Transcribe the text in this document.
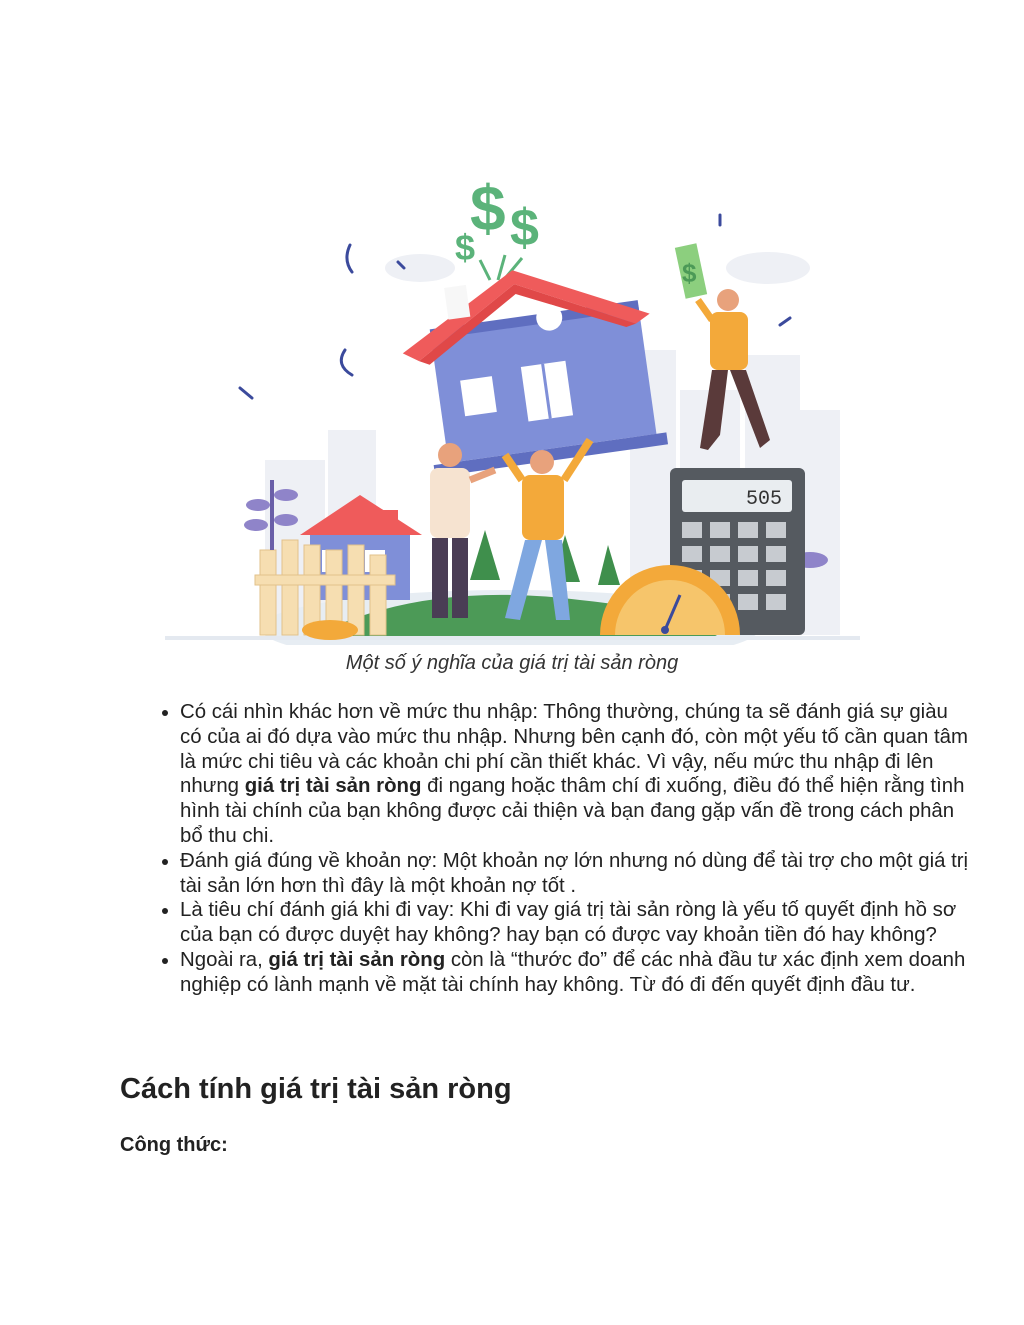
$ $
$
$
505
Một số ý nghĩa của giá trị tài sản ròng
• Có cái nhìn khác hơn về mức thu nhập: Thông thường, chúng ta sẽ đánh giá sự giàu có của ai đó dựa vào mức thu nhập. Nhưng bên cạnh đó, còn một yếu tố cần quan tâm là mức chi tiêu và các khoản chi phí cần thiết khác. Vì vậy, nếu mức thu nhập đi lên nhưng giá trị tài sản ròng đi ngang hoặc thâm chí đi xuống, điều đó thể hiện rằng tình hình tài chính của bạn không được cải thiện và bạn đang gặp vấn đề trong cách phân bổ thu chi.
• Đánh giá đúng về khoản nợ: Một khoản nợ lớn nhưng nó dùng để tài trợ cho một giá trị tài sản lớn hơn thì đây là một khoản nợ tốt .
• Là tiêu chí đánh giá khi đi vay: Khi đi vay giá trị tài sản ròng là yếu tố quyết định hồ sơ của bạn có được duyệt hay không? hay bạn có được vay khoản tiền đó hay không?
• Ngoài ra, giá trị tài sản ròng còn là “thước đo” để các nhà đầu tư xác định xem doanh nghiệp có lành mạnh về mặt tài chính hay không. Từ đó đi đến quyết định đầu tư.
Cách tính giá trị tài sản ròng
Công thức:
